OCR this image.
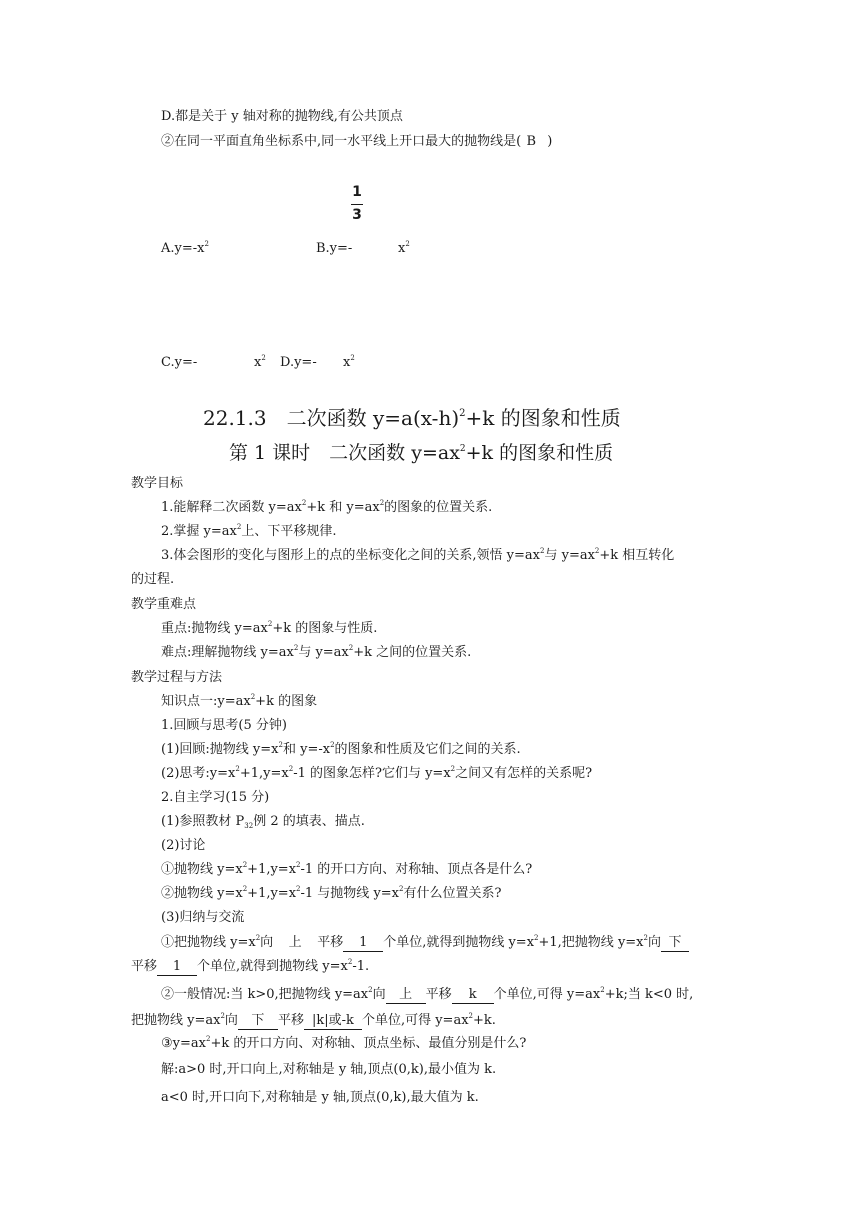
D.都是关于 y 轴对称的抛物线,有公共顶点
②在同一平面直角坐标系中,同一水平线上开口最大的抛物线是( B )
1
3
$A.y=-x^2$	B.y=-	$x^2$
C.y=-	$x^2$ D.y=- $x^2$
22.1.3　二次函数 $y=a(x-h)^2+k$ 的图象和性质
第 1 课时　二次函数 $y=ax^2+k$ 的图象和性质
教学目标
1.能解释二次函数 $y=ax^2+k$ 和 $y=ax^2$的图象的位置关系.
2.掌握 $y=ax^2$上、下平移规律.
3.体会图形的变化与图形上的点的坐标变化之间的关系,领悟 $y=ax^2$与 $y=ax^2+k$ 相互转化
的过程.
教学重难点
重点:抛物线 $y=ax^2+k$ 的图象与性质.
难点:理解抛物线 $y=ax^2$与 $y=ax^2+k$ 之间的位置关系.
教学过程与方法
知识点一$:y=ax^2+k$ 的图象
1.回顾与思考(5 分钟)
(1)回顾:抛物线 $y=x^2$和 $y=-x^2$的图象和性质及它们之间的关系.
(2)思考$:y=x^2+1,y=x^2-1$ 的图象怎样?它们与 $y=x^2$之间又有怎样的关系呢?
2.自主学习(15 分)
(1)参照教材 $P_{32}$例 2 的填表、描点.
(2)讨论
①抛物线 $y=x^2+1,y=x^2-1$ 的开口方向、对称轴、顶点各是什么?
②抛物线 $y=x^2+1,y=x^2-1$ 与抛物线 $y=x^2$有什么位置关系?
(3)归纳与交流
①把抛物线 $y=x^2$向 上 平移 1 个单位,就得到抛物线 $y=x^2+1$,把抛物线 $y=x^2$向 下
平移 1 个单位,就得到抛物线 $y=x^2-1$.
②一般情况:当 k>0,把抛物线 $y=ax^2$向 上 平移 k 个单位,可得 $y=ax^2+k$;当 k<0 时,
把抛物线 $y=ax^2$向 下 平移 |k|或-k 个单位,可得 $y=ax^2+k$.
$③y=ax^2+k$ 的开口方向、对称轴、顶点坐标、最值分别是什么?
解:a>0 时,开口向上,对称轴是 y 轴,顶点(0,k),最小值为 k.
a<0 时,开口向下,对称轴是 y 轴,顶点(0,k),最大值为 k.
